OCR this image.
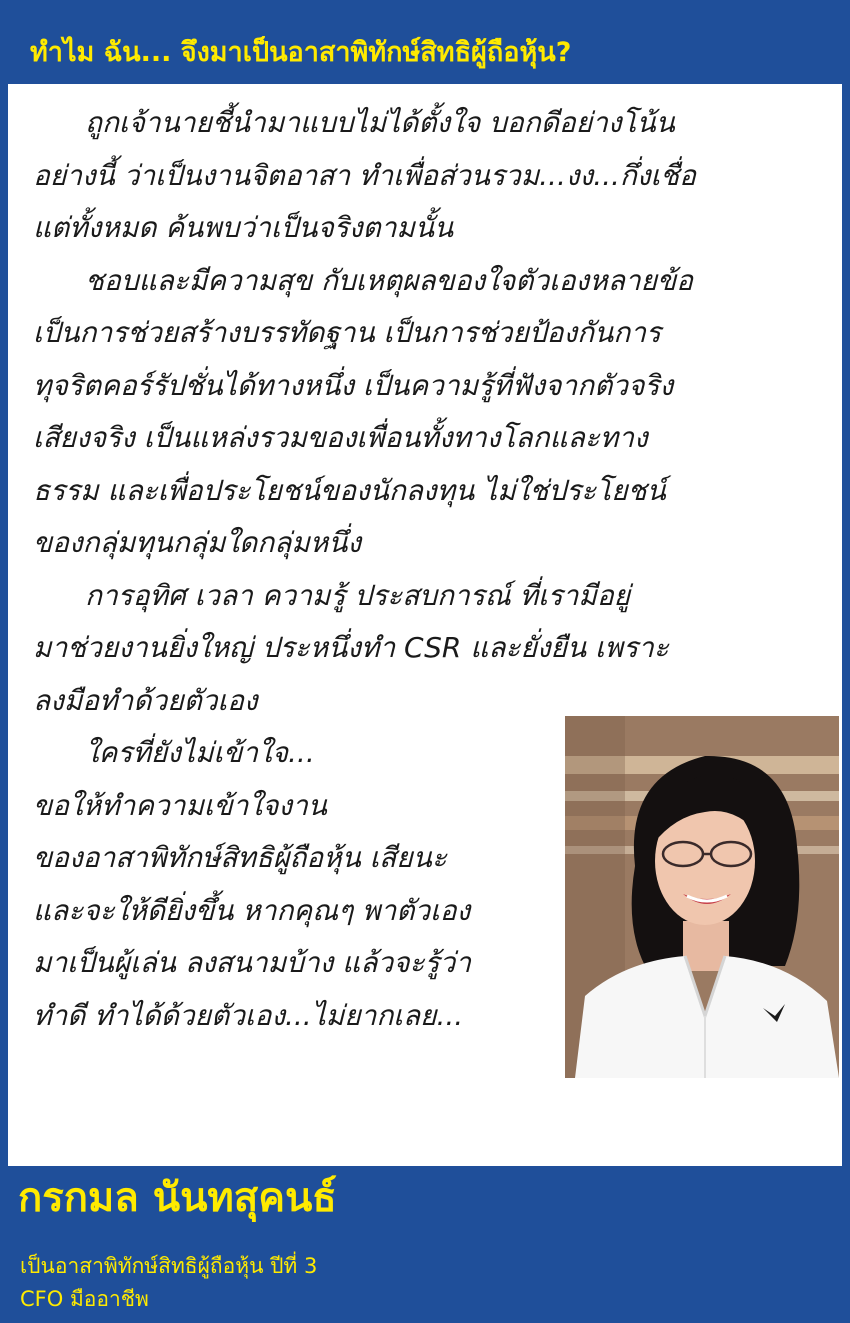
ทำไม ฉัน... จึงมาเป็นอาสาพิทักษ์สิทธิผู้ถือหุ้น?
ถูกเจ้านายชี้นำมาแบบไม่ได้ตั้งใจ บอกดีอย่างโน้น
อย่างนี้ ว่าเป็นงานจิตอาสา ทำเพื่อส่วนรวม...งง...กึ่งเชื่อ
แต่ทั้งหมด ค้นพบว่าเป็นจริงตามนั้น
ชอบและมีความสุข กับเหตุผลของใจตัวเองหลายข้อ
เป็นการช่วยสร้างบรรทัดฐาน เป็นการช่วยป้องกันการ
ทุจริตคอร์รัปชั่นได้ทางหนึ่ง เป็นความรู้ที่ฟังจากตัวจริง
เสียงจริง เป็นแหล่งรวมของเพื่อนทั้งทางโลกและทาง
ธรรม และเพื่อประโยชน์ของนักลงทุน ไม่ใช่ประโยชน์
ของกลุ่มทุนกลุ่มใดกลุ่มหนึ่ง
การอุทิศ เวลา ความรู้ ประสบการณ์ ที่เรามีอยู่
มาช่วยงานยิ่งใหญ่ ประหนึ่งทำ CSR และยั่งยืน เพราะ
ลงมือทำด้วยตัวเอง
ใครที่ยังไม่เข้าใจ...
ขอให้ทำความเข้าใจงาน
ของอาสาพิทักษ์สิทธิผู้ถือหุ้น เสียนะ
และจะให้ดียิ่งขึ้น หากคุณๆ พาตัวเอง
มาเป็นผู้เล่น ลงสนามบ้าง แล้วจะรู้ว่า
ทำดี ทำได้ด้วยตัวเอง...ไม่ยากเลย...
กรกมล นันทสุคนธ์
เป็นอาสาพิทักษ์สิทธิผู้ถือหุ้น ปีที่ 3
CFO มืออาชีพ
